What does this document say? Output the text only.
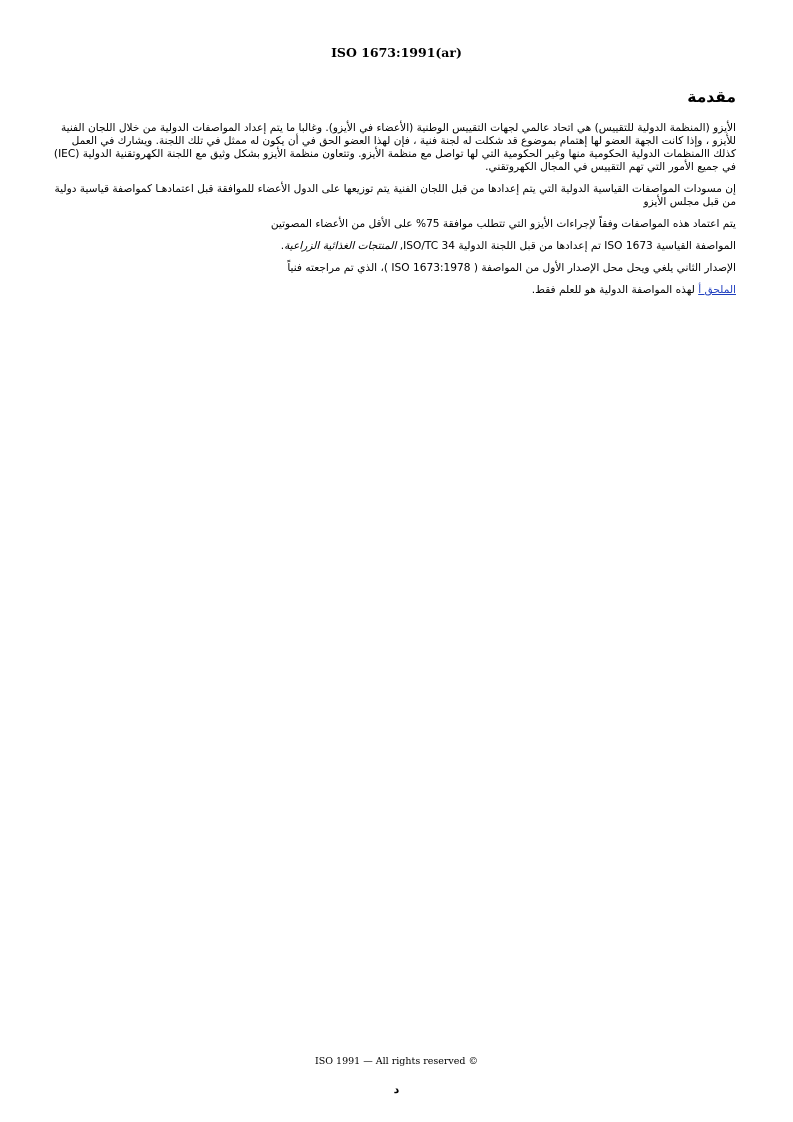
ISO 1673:1991(ar)
مقدمة

الأيزو (المنظمة الدولية للتقييس) هي اتحاد عالمي لجهات التقييس الوطنية (الأعضاء في الأيزو). وغالبا ما يتم إعداد المواصفات الدولية من خلال اللجان الفنية للأيزو ، وإذا كانت الجهة العضو لها إهتمام بموضوع قد شكلت له لجنة فنية ، فإن لهذا العضو الحق في أن يكون له ممثل في تلك اللجنة. ويشارك في العمل كذلك االمنظمات الدولية الحكومية منها وغير الحكومية التي لها تواصل مع منظمة الأيزو. وتتعاون منظمة الأيزو بشكل وثيق مع اللجنة الكهروتقنية الدولية (IEC) في جميع الأمور التي تهم التقييس في المجال الكهروتقني.

إن مسودات المواصفات القياسية الدولية التي يتم إعدادها من قبل اللجان الفنية يتم توزيعها على الدول الأعضاء للموافقة قبل اعتمادهـا كمواصفة قياسية دولية من قبل مجلس الأيزو

يتم اعتماد هذه المواصفات وفقاً لإجراءات الأيزو التي تتطلب موافقة 75% على الأقل من الأعضاء المصوتين

المواصفة القياسية ISO 1673 تم إعدادها من قبل اللجنة الدولية ISO/TC 34, المنتجات الغذائية الزراعية.

الإصدار الثاني يلغي ويحل محل الإصدار الأول من المواصفة ( ISO 1673:1978 )، الذي تم مراجعته فنياً

الملحق أ لهذه المواصفة الدولية هو للعلم فقط.

ISO 1991 — All rights reserved ©
د
